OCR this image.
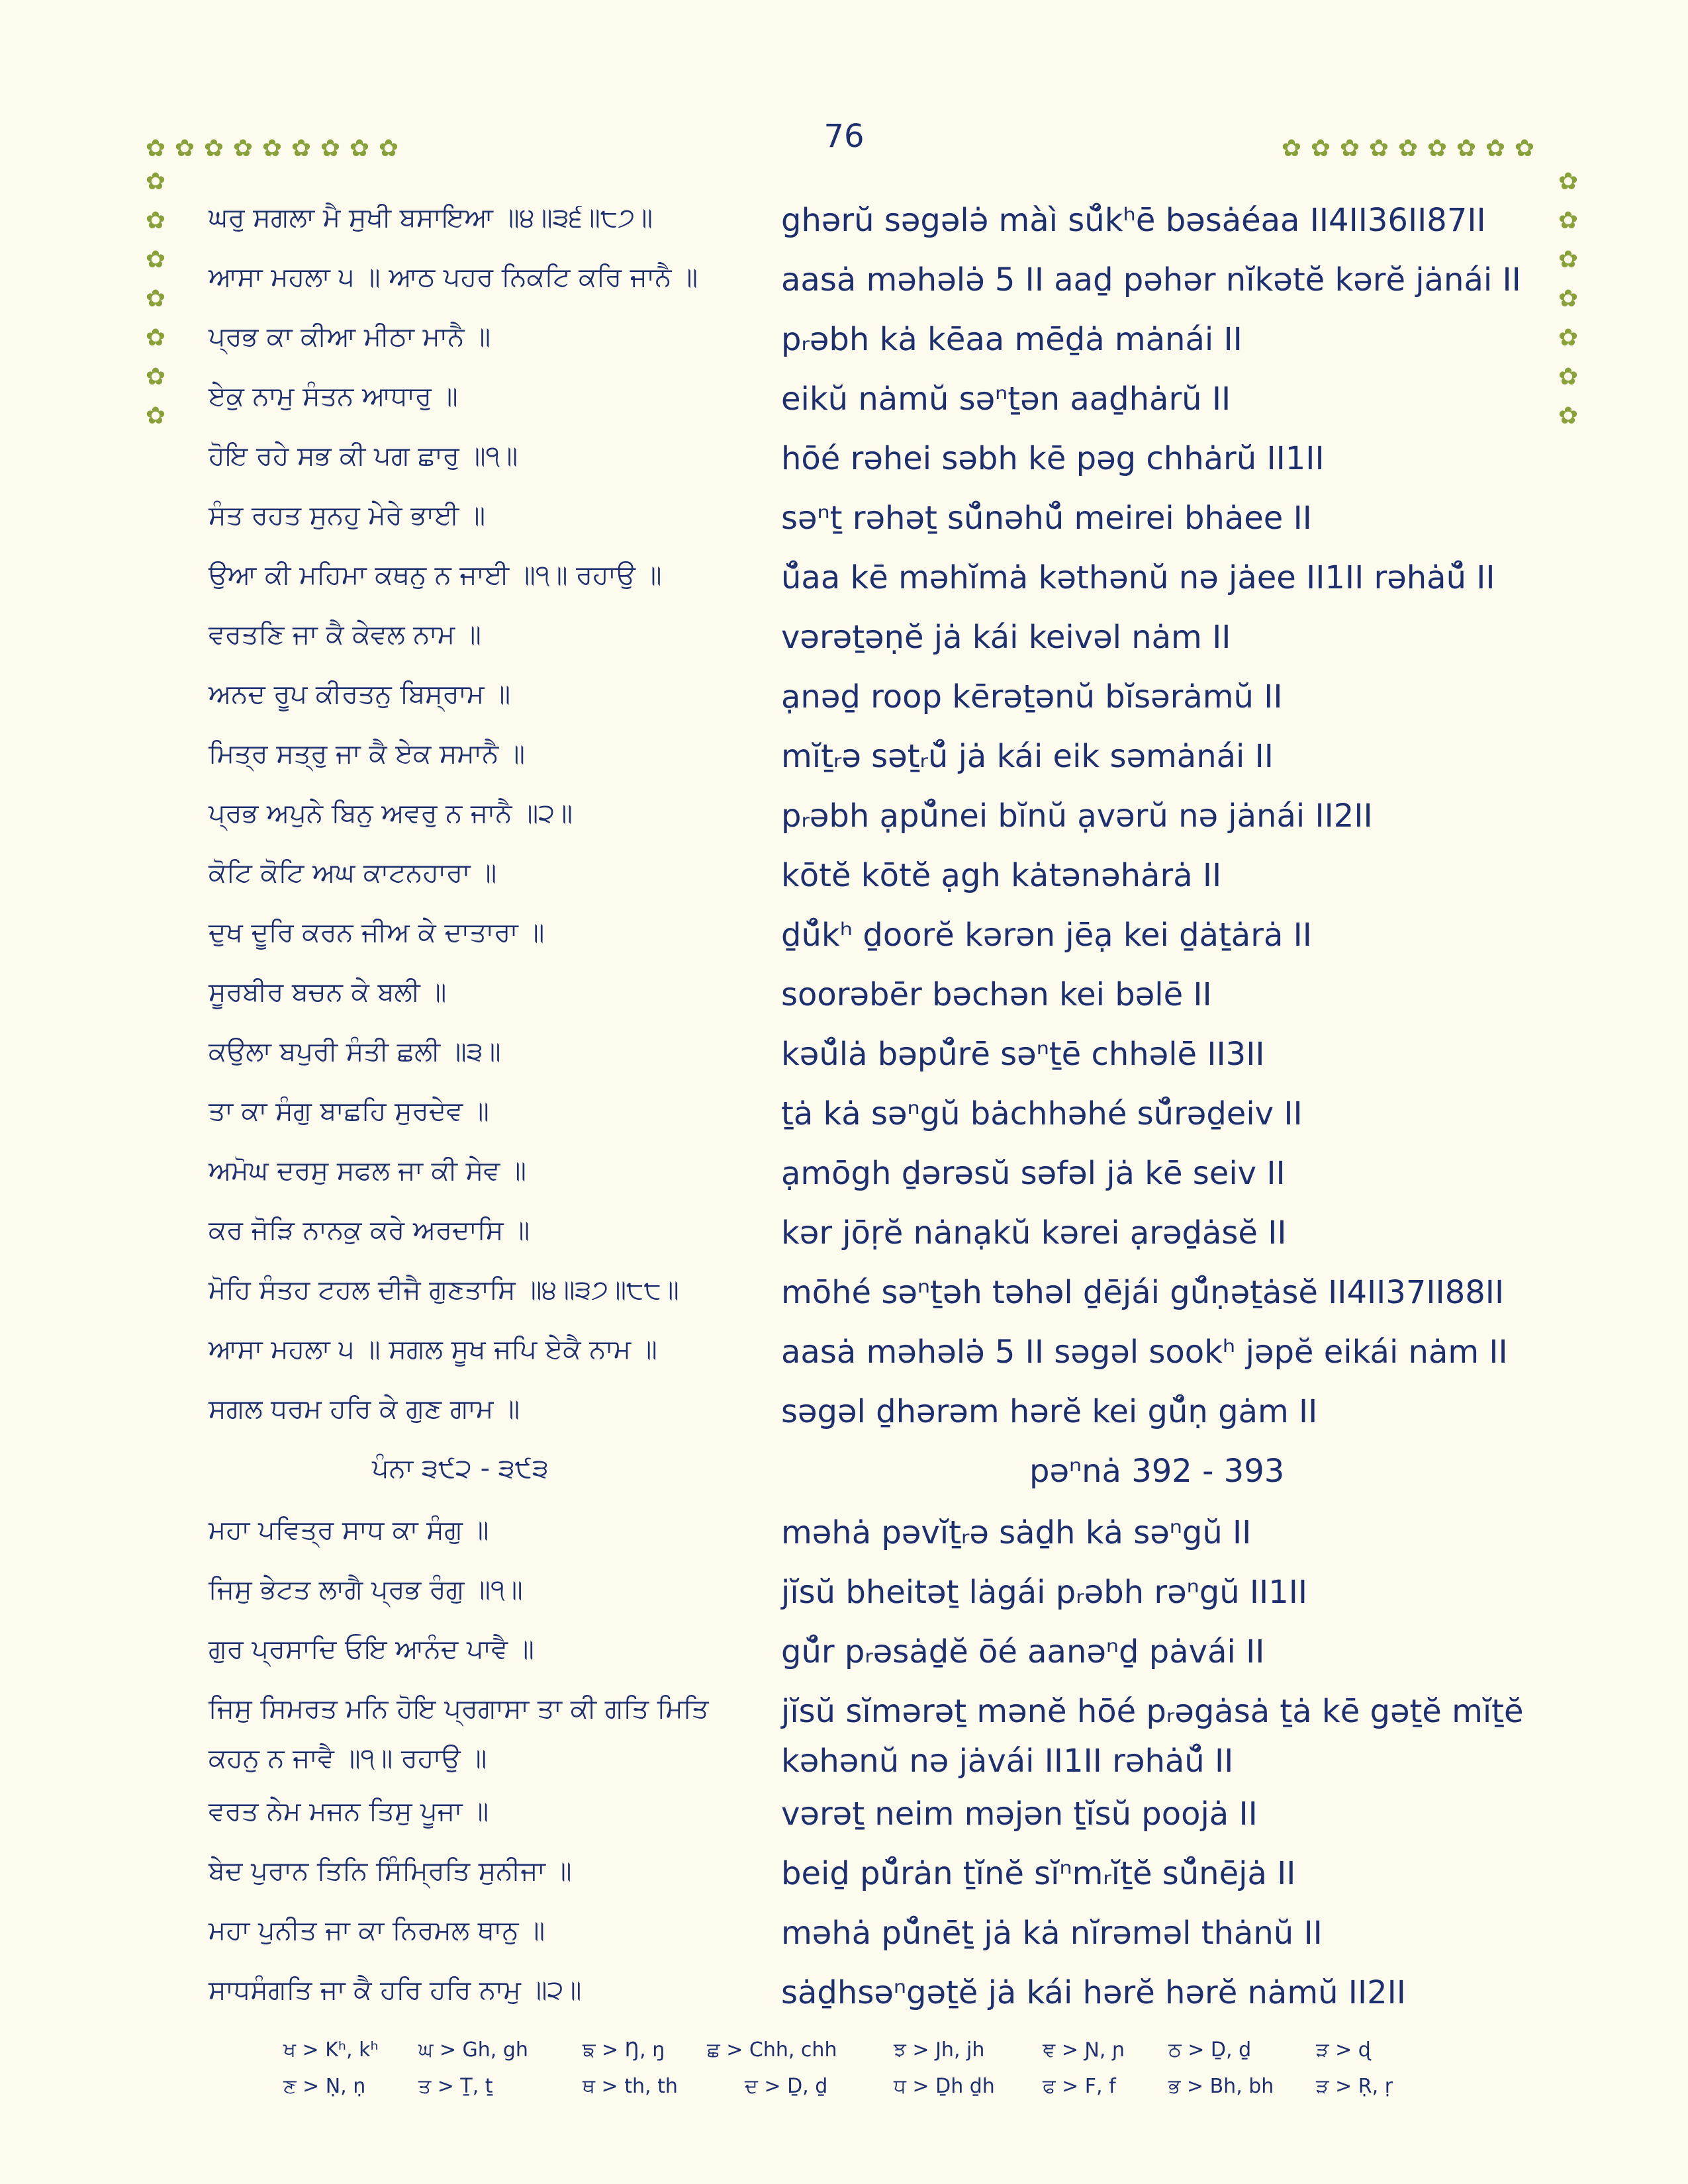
76
✿ ✿ ✿ ✿ ✿ ✿ ✿ ✿ ✿	✿ ✿ ✿ ✿ ✿ ✿ ✿ ✿ ✿
✿
✿
✿
✿
✿
✿
✿
✿
✿
✿
✿
✿
✿
✿
ਘਰੁ ਸਗਲਾ ਮੈ ਸੁਖੀ ਬਸਾਇਆ ॥੪॥੩੬॥੮੭॥	ghərŭ səgələ̇ màì sŭ̊kʰē bəsȧéaa II4II36II87II
ਆਸਾ ਮਹਲਾ ੫ ॥ ਆਠ ਪਹਰ ਨਿਕਟਿ ਕਰਿ ਜਾਨੈ ॥	aasȧ məhələ̇ 5 II aaḏ pəhər nĭkətĕ kərĕ jȧnái II
ਪ੍ਰਭ ਕਾ ਕੀਆ ਮੀਠਾ ਮਾਨੈ ॥	pᵣəbh kȧ kēaa mēḏȧ mȧnái II
ਏਕੁ ਨਾਮੁ ਸੰਤਨ ਆਧਾਰੁ ॥	eikŭ nȧmŭ səⁿṯən aaḏhȧrŭ II
ਹੋਇ ਰਹੇ ਸਭ ਕੀ ਪਗ ਛਾਰੁ ॥੧॥	hōé rəhei səbh kē pəg chhȧrŭ II1II
ਸੰਤ ਰਹਤ ਸੁਨਹੁ ਮੇਰੇ ਭਾਈ ॥	səⁿṯ rəhəṯ sŭ̊nəhŭ̊ meirei bhȧee II
ਉਆ ਕੀ ਮਹਿਮਾ ਕਥਨੁ ਨ ਜਾਈ ॥੧॥ ਰਹਾਉ ॥	ŭ̊aa kē məhĭmȧ kəthənŭ nə jȧee II1II rəhȧŭ̊ II
ਵਰਤਣਿ ਜਾ ਕੈ ਕੇਵਲ ਨਾਮ ॥	vərəṯəṇĕ jȧ kái keivəl nȧm II
ਅਨਦ ਰੂਪ ਕੀਰਤਨੁ ਬਿਸ੍ਰਾਮ ॥	ạnəḏ roop kērəṯənŭ bĭsərȧmŭ II
ਮਿਤ੍ਰ ਸਤ੍ਰੁ ਜਾ ਕੈ ਏਕ ਸਮਾਨੈ ॥	mĭṯᵣə səṯᵣŭ̊ jȧ kái eik səmȧnái II
ਪ੍ਰਭ ਅਪੁਨੇ ਬਿਨੁ ਅਵਰੁ ਨ ਜਾਨੈ ॥੨॥	pᵣəbh ạpŭ̊nei bĭnŭ ạvərŭ nə jȧnái II2II
ਕੋਟਿ ਕੋਟਿ ਅਘ ਕਾਟਨਹਾਰਾ ॥	kōtĕ kōtĕ ạgh kȧtənəhȧrȧ II
ਦੁਖ ਦੂਰਿ ਕਰਨ ਜੀਅ ਕੇ ਦਾਤਾਰਾ ॥	ḏŭ̊kʰ ḏoorĕ kərən jēạ kei ḏȧṯȧrȧ II
ਸੂਰਬੀਰ ਬਚਨ ਕੇ ਬਲੀ ॥	soorəbēr bəchən kei bəlē II
ਕਉਲਾ ਬਪੁਰੀ ਸੰਤੀ ਛਲੀ ॥੩॥	kəŭ̊lȧ bəpŭ̊rē səⁿṯē chhəlē II3II
ਤਾ ਕਾ ਸੰਗੁ ਬਾਛਹਿ ਸੁਰਦੇਵ ॥	ṯȧ kȧ səⁿgŭ bȧchhəhé sŭ̊rəḏeiv II
ਅਮੋਘ ਦਰਸੁ ਸਫਲ ਜਾ ਕੀ ਸੇਵ ॥	ạmōgh ḏərəsŭ səfəl jȧ kē seiv II
ਕਰ ਜੋੜਿ ਨਾਨਕੁ ਕਰੇ ਅਰਦਾਸਿ ॥	kər jōṛĕ nȧnạkŭ kərei ạrəḏȧsĕ II
ਮੋਹਿ ਸੰਤਹ ਟਹਲ ਦੀਜੈ ਗੁਣਤਾਸਿ ॥੪॥੩੭॥੮੮॥	mōhé səⁿṯəh təhəl ḏējái gŭ̊ṇəṯȧsĕ II4II37II88II
ਆਸਾ ਮਹਲਾ ੫ ॥ ਸਗਲ ਸੂਖ ਜਪਿ ਏਕੈ ਨਾਮ ॥	aasȧ məhələ̇ 5 II səgəl sookʰ jəpĕ eikái nȧm II
ਸਗਲ ਧਰਮ ਹਰਿ ਕੇ ਗੁਣ ਗਾਮ ॥	səgəl ḏhərəm hərĕ kei gŭ̊ṇ gȧm II
ਪੰਨਾ ੩੯੨ - ੩੯੩	pəⁿnȧ 392 - 393
ਮਹਾ ਪਵਿਤ੍ਰ ਸਾਧ ਕਾ ਸੰਗੁ ॥	məhȧ pəvĭṯᵣə sȧḏh kȧ səⁿgŭ II
ਜਿਸੁ ਭੇਟਤ ਲਾਗੈ ਪ੍ਰਭ ਰੰਗੁ ॥੧॥	jĭsŭ bheitəṯ lȧgái pᵣəbh rəⁿgŭ II1II
ਗੁਰ ਪ੍ਰਸਾਦਿ ਓਇ ਆਨੰਦ ਪਾਵੈ ॥	gŭ̊r pᵣəsȧḏĕ ōé aanəⁿḏ pȧvái II
ਜਿਸੁ ਸਿਮਰਤ ਮਨਿ ਹੋਇ ਪ੍ਰਗਾਸਾ ਤਾ ਕੀ ਗਤਿ ਮਿਤਿ jĭsŭ sĭmərəṯ mənĕ hōé pᵣəgȧsȧ ṯȧ kē gəṯĕ mĭṯĕ
ਕਹਨੁ ਨ ਜਾਵੈ ॥੧॥ ਰਹਾਉ ॥	kəhənŭ nə jȧvái II1II rəhȧŭ̊ II
ਵਰਤ ਨੇਮ ਮਜਨ ਤਿਸੁ ਪੂਜਾ ॥	vərəṯ neim məjən ṯĭsŭ poojȧ II
ਬੇਦ ਪੁਰਾਨ ਤਿਨਿ ਸਿੰਮ੍ਰਿਤਿ ਸੁਨੀਜਾ ॥	beiḏ pŭ̊rȧn ṯĭnĕ sĭⁿmᵣĭṯĕ sŭ̊nējȧ II
ਮਹਾ ਪੁਨੀਤ ਜਾ ਕਾ ਨਿਰਮਲ ਥਾਨੁ ॥	məhȧ pŭ̊nēṯ jȧ kȧ nĭrəməl thȧnŭ II
ਸਾਧਸੰਗਤਿ ਜਾ ਕੈ ਹਰਿ ਹਰਿ ਨਾਮੁ ॥੨॥	sȧḏhsəⁿgəṯĕ jȧ kái hərĕ hərĕ nȧmŭ II2II
ਖ > Kʰ, kʰ ਘ > Gh, gh	ਙ > Ŋ, ŋ ਛ > Chh, chh	ਝ > Jh, jh	ਞ > Ɲ, ɲ ਠ > Ḏ, ḏ	ੜ > ɖ
ਣ > Ṇ, ṇ	ਤ > Ṯ, ṯ	ਥ > th, th	ਦ > Ḏ, ḏ	ਧ > Ḏh ḏh ਫ > F, f	ਭ > Bh, bh ੜ > Ṛ, ṛ
